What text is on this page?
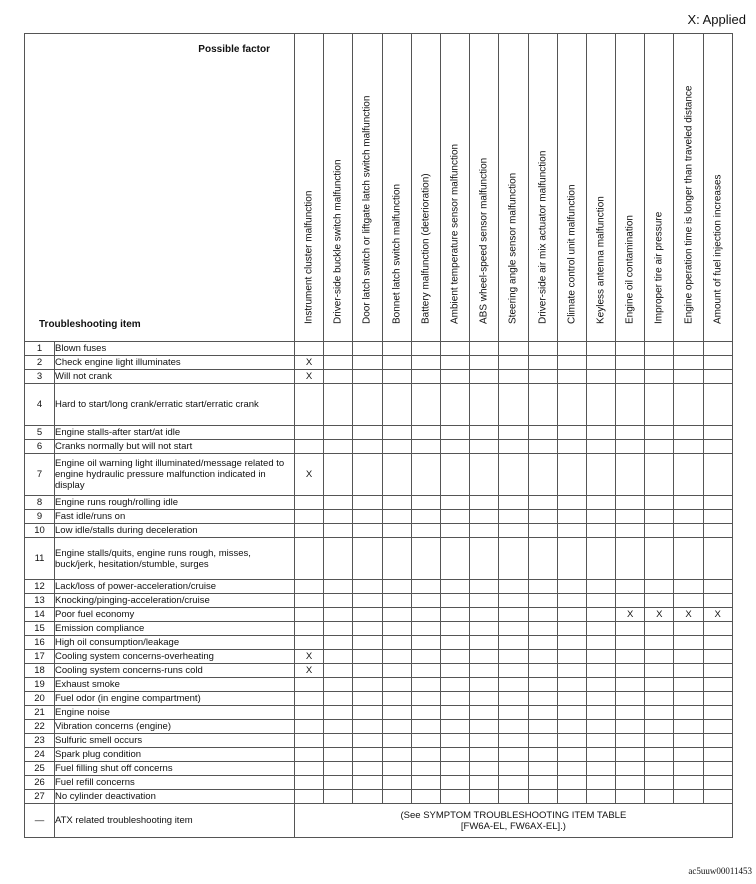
X: Applied
Possible factor
Troubleshooting item		Instrument cluster malfunction	Driver-side buckle switch malfunction	Door latch switch or liftgate latch switch malfunction	Bonnet latch switch malfunction	Battery malfunction (deterioration)	Ambient temperature sensor malfunction	ABS wheel-speed sensor malfunction	Steering angle sensor malfunction	Driver-side air mix actuator malfunction	Climate control unit malfunction	Keyless antenna malfunction	Engine oil contamination	Improper tire air pressure	Engine operation time is longer than traveled distance	Amount of fuel injection increases

1	Blown fuses															
2	Check engine light illuminates	X														
3	Will not crank	X														
4	Hard to start/long crank/erratic start/erratic crank															
5	Engine stalls-after start/at idle															
6	Cranks normally but will not start															
7	Engine oil warning light illuminated/message related to engine hydraulic pressure malfunction indicated in display	X														
8	Engine runs rough/rolling idle															
9	Fast idle/runs on															
10	Low idle/stalls during deceleration															
11	Engine stalls/quits, engine runs rough, misses, buck/jerk, hesitation/stumble, surges															
12	Lack/loss of power-acceleration/cruise															
13	Knocking/pinging-acceleration/cruise															
14	Poor fuel economy												X	X	X	X
15	Emission compliance															
16	High oil consumption/leakage															
17	Cooling system concerns-overheating	X														
18	Cooling system concerns-runs cold	X														
19	Exhaust smoke															
20	Fuel odor (in engine compartment)															
21	Engine noise															
22	Vibration concerns (engine)															
23	Sulfuric smell occurs															
24	Spark plug condition															
25	Fuel filling shut off concerns															
26	Fuel refill concerns															
27	No cylinder deactivation															
—	ATX related troubleshooting item	(See SYMPTOM TROUBLESHOOTING ITEM TABLE
[FW6A-EL, FW6AX-EL].)														
ac5uuw00011453
